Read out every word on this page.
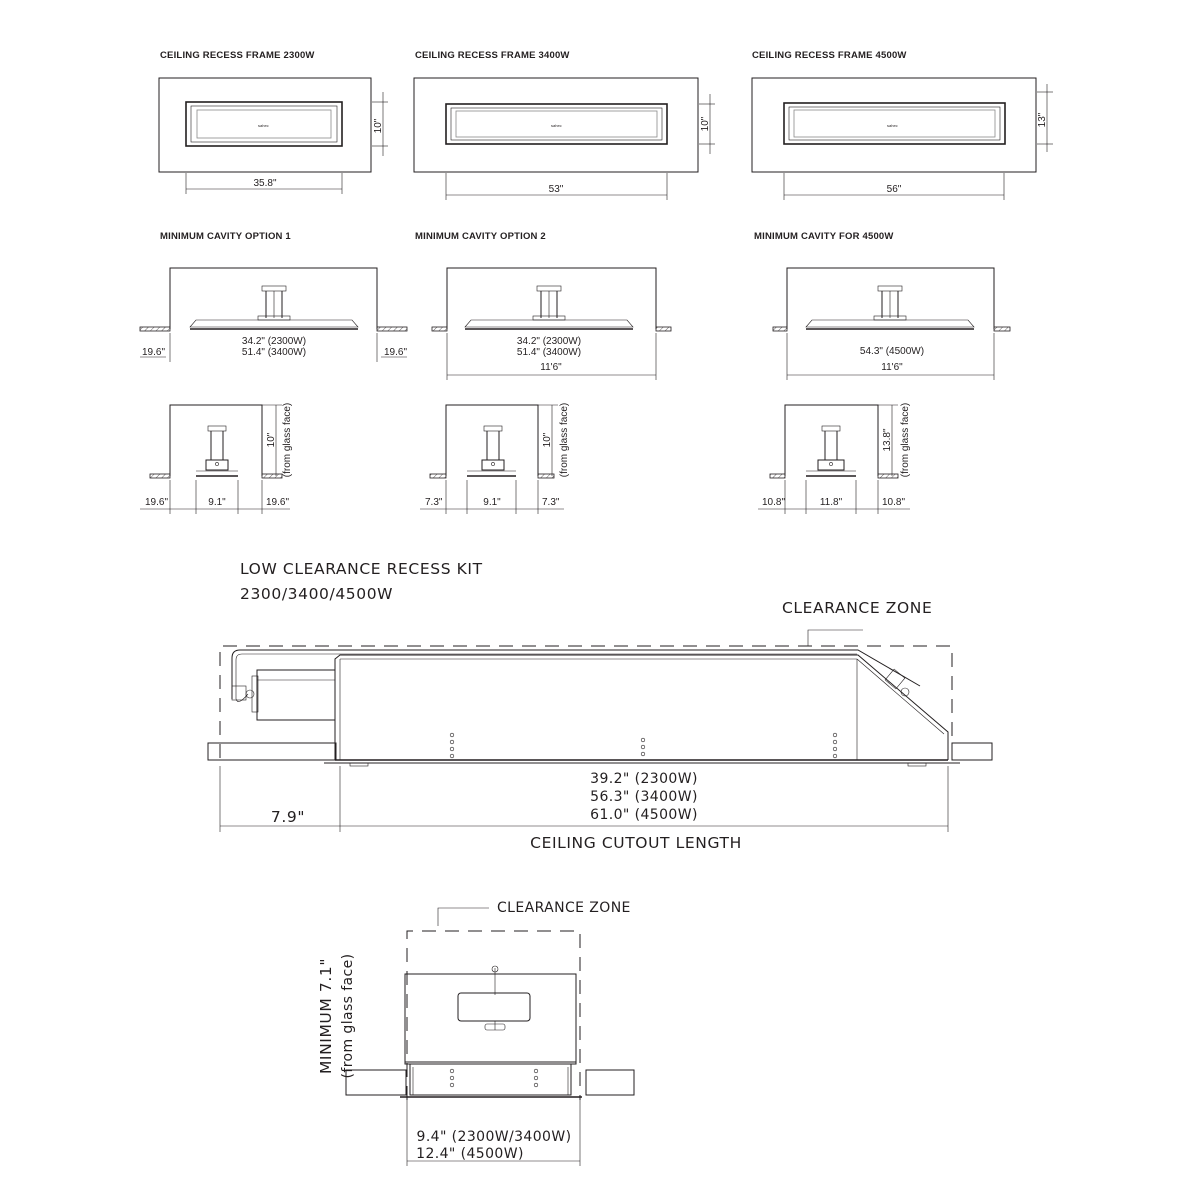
CEILING RECESS FRAME 2300W
sahec	10"
35.8"
CEILING RECESS FRAME 3400W
sahec	10"
53"
CEILING RECESS FRAME 4500W
sahec	13"
56"
MINIMUM CAVITY OPTION 1
19.6"	19.6"
34.2" (2300W)
51.4" (3400W)
MINIMUM CAVITY OPTION 2
34.2" (2300W)
51.4" (3400W)
11'6"
MINIMUM CAVITY FOR 4500W
54.3" (4500W)
11'6"
10" (from glass face)
19.6"	9.1"	19.6"
10" (from glass face)
7.3"	9.1"	7.3"
13.8" (from glass face)
10.8"	11.8"	10.8"
LOW CLEARANCE RECESS KIT
2300/3400/4500W
CLEARANCE ZONE
39.2" (2300W)
56.3" (3400W)
61.0" (4500W)
7.9"
CEILING CUTOUT LENGTH
CLEARANCE ZONE
MINIMUM 7.1" (from glass face)
9.4" (2300W/3400W)
12.4" (4500W)
